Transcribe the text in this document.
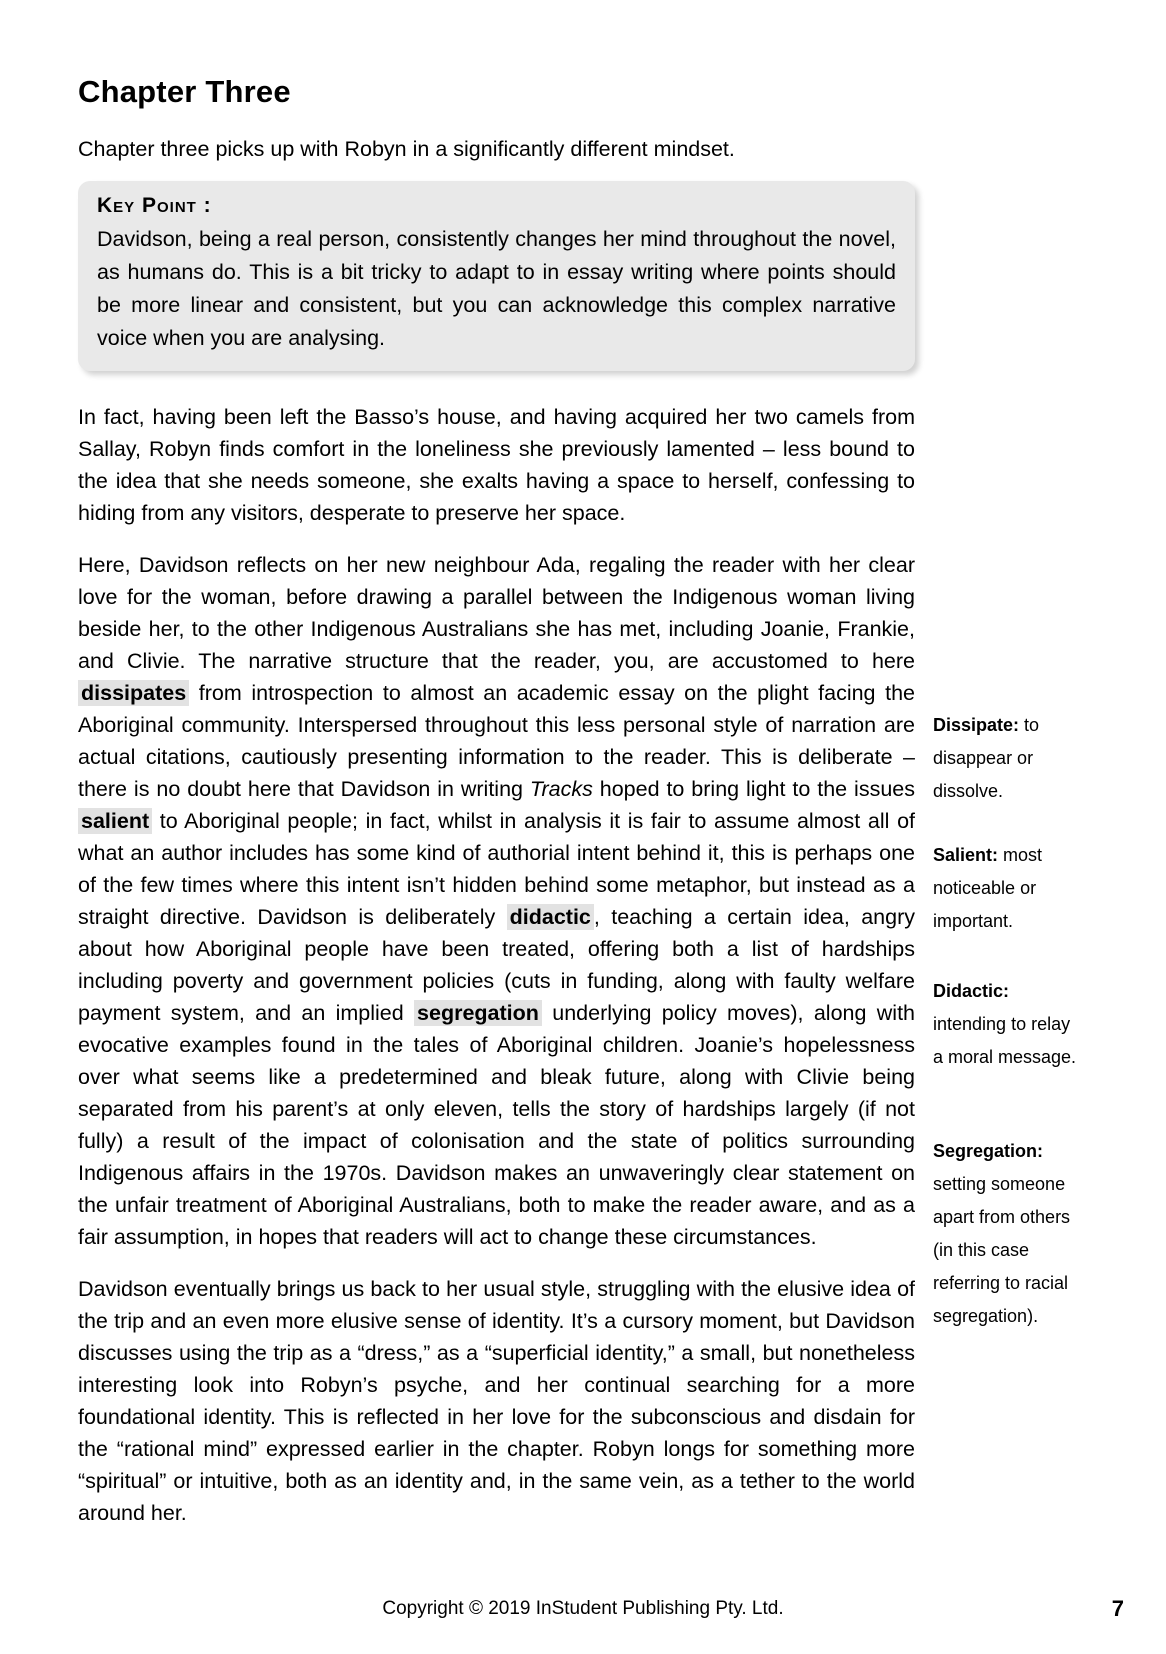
Chapter Three

Chapter three picks up with Robyn in a significantly different mindset.

Key Point :
Davidson, being a real person, consistently changes her mind throughout the novel, as humans do. This is a bit tricky to adapt to in essay writing where points should be more linear and consistent, but you can acknowledge this complex narrative voice when you are analysing.

In fact, having been left the Basso’s house, and having acquired her two camels from Sallay, Robyn finds comfort in the loneliness she previously lamented – less bound to the idea that she needs someone, she exalts having a space to herself, confessing to hiding from any visitors, desperate to preserve her space.

Here, Davidson reflects on her new neighbour Ada, regaling the reader with her clear love for the woman, before drawing a parallel between the Indigenous woman living beside her, to the other Indigenous Australians she has met, including Joanie, Frankie, and Clivie. The narrative structure that the reader, you, are accustomed to here dissipates from introspection to almost an academic essay on the plight facing the Aboriginal community. Interspersed throughout this less personal style of narration are actual citations, cautiously presenting information to the reader. This is deliberate – there is no doubt here that Davidson in writing Tracks hoped to bring light to the issues salient to Aboriginal people; in fact, whilst in analysis it is fair to assume almost all of what an author includes has some kind of authorial intent behind it, this is perhaps one of the few times where this intent isn’t hidden behind some metaphor, but instead as a straight directive. Davidson is deliberately didactic , teaching a certain idea, angry about how Aboriginal people have been treated, offering both a list of hardships including poverty and government policies (cuts in funding, along with faulty welfare payment system, and an implied segregation underlying policy moves), along with evocative examples found in the tales of Aboriginal children. Joanie’s hopelessness over what seems like a predetermined and bleak future, along with Clivie being separated from his parent’s at only eleven, tells the story of hardships largely (if not fully) a result of the impact of colonisation and the state of politics surrounding Indigenous affairs in the 1970s. Davidson makes an unwaveringly clear statement on the unfair treatment of Aboriginal Australians, both to make the reader aware, and as a fair assumption, in hopes that readers will act to change these circumstances.

Davidson eventually brings us back to her usual style, struggling with the elusive idea of the trip and an even more elusive sense of identity. It’s a cursory moment, but Davidson discusses using the trip as a “dress,” as a “superficial identity,” a small, but nonetheless interesting look into Robyn’s psyche, and her continual searching for a more foundational identity. This is reflected in her love for the subconscious and disdain for the “rational mind” expressed earlier in the chapter. Robyn longs for something more “spiritual” or intuitive, both as an identity and, in the same vein, as a tether to the world around her.

Dissipate: to disappear or dissolve.
Salient: most noticeable or important.
Didactic: intending to relay a moral message.
Segregation: setting someone apart from others (in this case referring to racial segregation).
Copyright © 2019 InStudent Publishing Pty. Ltd.	7
